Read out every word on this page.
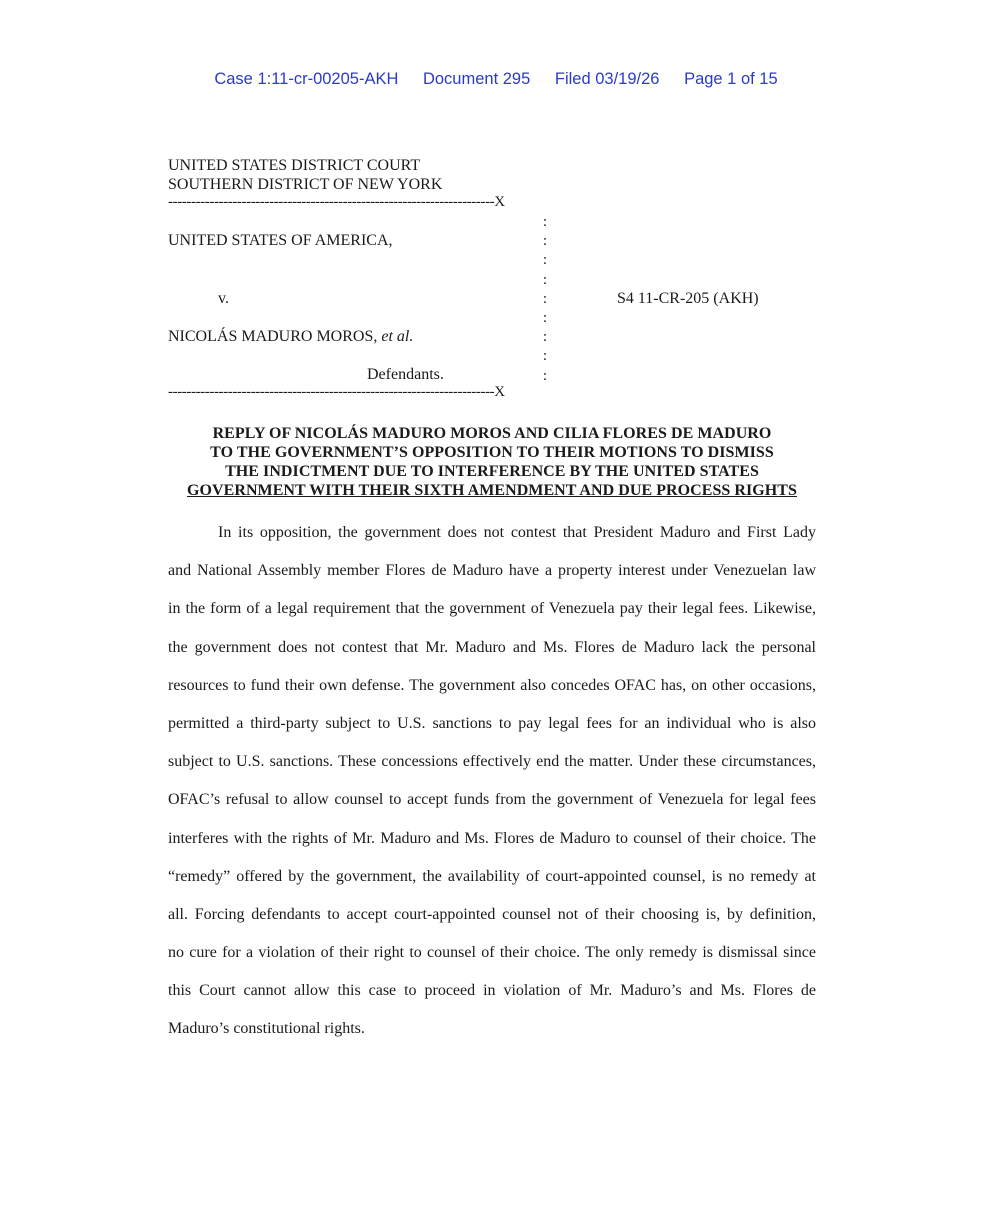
Case 1:11-cr-00205-AKH Document 295 Filed 03/19/26 Page 1 of 15
UNITED STATES DISTRICT COURT
SOUTHERN DISTRICT OF NEW YORK
-----------------------------------------------------------------------X
:
:
:
:
:
:
:
:
:
UNITED STATES OF AMERICA,
v.	S4 11-CR-205 (AKH)
NICOLÁS MADURO MOROS, et al.
Defendants.
-----------------------------------------------------------------------X
REPLY OF NICOLÁS MADURO MOROS AND CILIA FLORES DE MADURO
TO THE GOVERNMENT’S OPPOSITION TO THEIR MOTIONS TO DISMISS
THE INDICTMENT DUE TO INTERFERENCE BY THE UNITED STATES
GOVERNMENT WITH THEIR SIXTH AMENDMENT AND DUE PROCESS RIGHTS
In its opposition, the government does not contest that President Maduro and First Lady
and National Assembly member Flores de Maduro have a property interest under Venezuelan law
in the form of a legal requirement that the government of Venezuela pay their legal fees. Likewise,
the government does not contest that Mr. Maduro and Ms. Flores de Maduro lack the personal
resources to fund their own defense. The government also concedes OFAC has, on other occasions,
permitted a third-party subject to U.S. sanctions to pay legal fees for an individual who is also
subject to U.S. sanctions. These concessions effectively end the matter. Under these circumstances,
OFAC’s refusal to allow counsel to accept funds from the government of Venezuela for legal fees
interferes with the rights of Mr. Maduro and Ms. Flores de Maduro to counsel of their choice. The
“remedy” offered by the government, the availability of court-appointed counsel, is no remedy at
all. Forcing defendants to accept court-appointed counsel not of their choosing is, by definition,
no cure for a violation of their right to counsel of their choice. The only remedy is dismissal since
this Court cannot allow this case to proceed in violation of Mr. Maduro’s and Ms. Flores de
Maduro’s constitutional rights.
